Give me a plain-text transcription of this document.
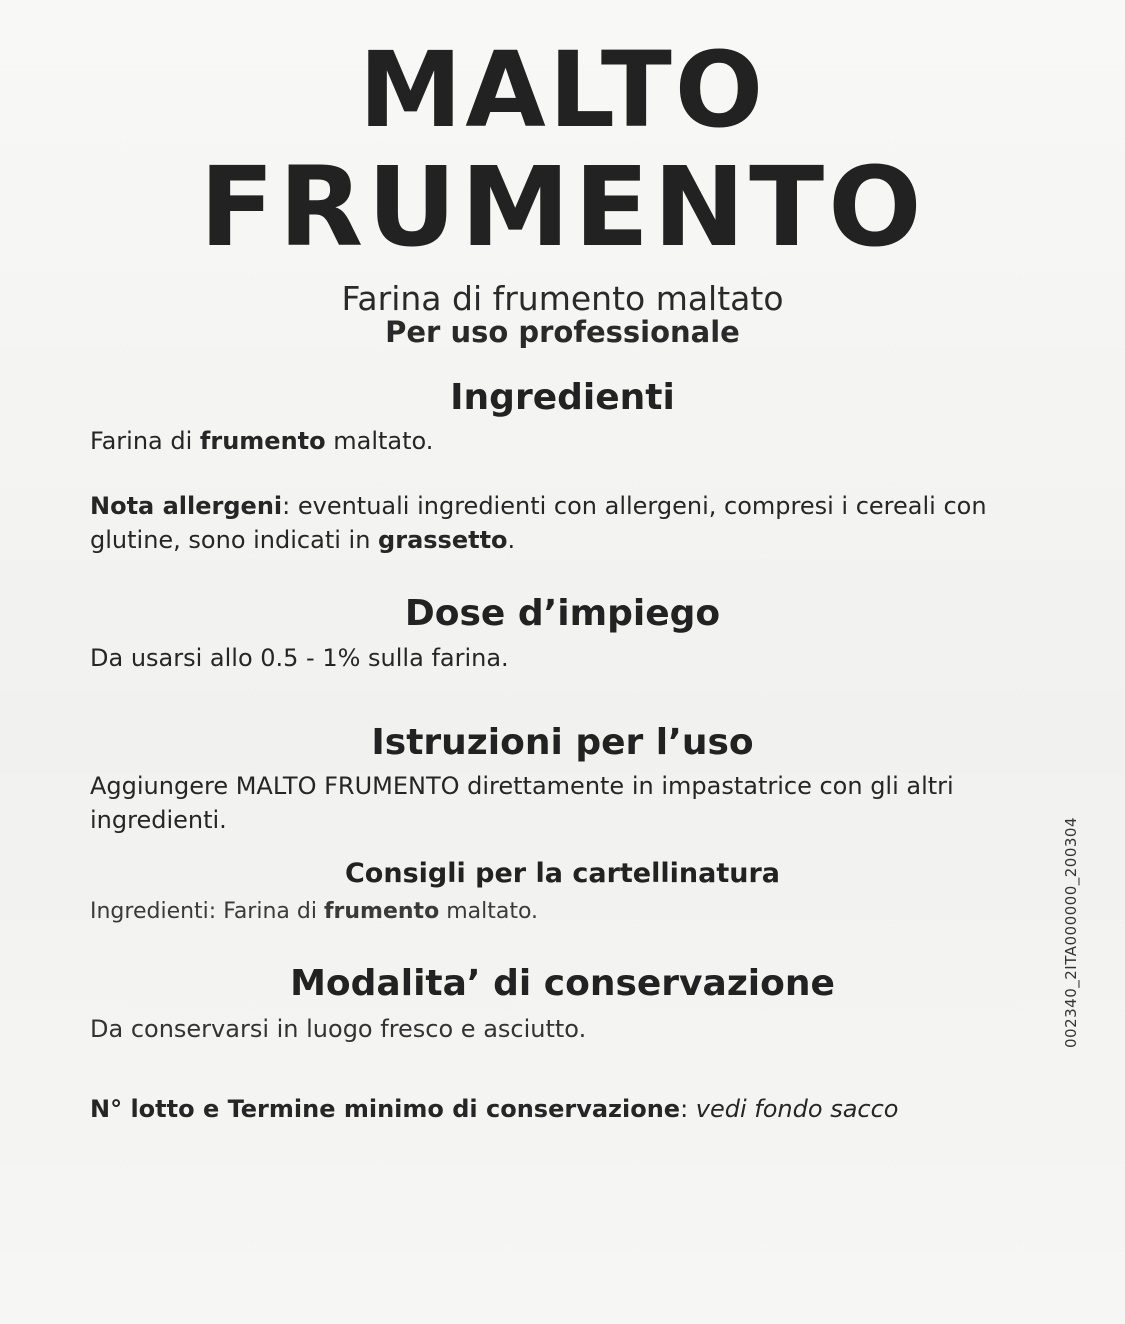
MALTO
FRUMENTO
Farina di frumento maltato
Per uso professionale
Ingredienti
Farina di frumento maltato.
Nota allergeni: eventuali ingredienti con allergeni, compresi i cereali con glutine, sono indicati in grassetto.
Dose d’impiego
Da usarsi allo 0.5 - 1% sulla farina.
Istruzioni per l’uso
Aggiungere MALTO FRUMENTO direttamente in impastatrice con gli altri ingredienti.
Consigli per la cartellinatura
Ingredienti: Farina di frumento maltato.
Modalita’ di conservazione
Da conservarsi in luogo fresco e asciutto.
N° lotto e Termine minimo di conservazione: vedi fondo sacco
002340_2ITA000000_200304
